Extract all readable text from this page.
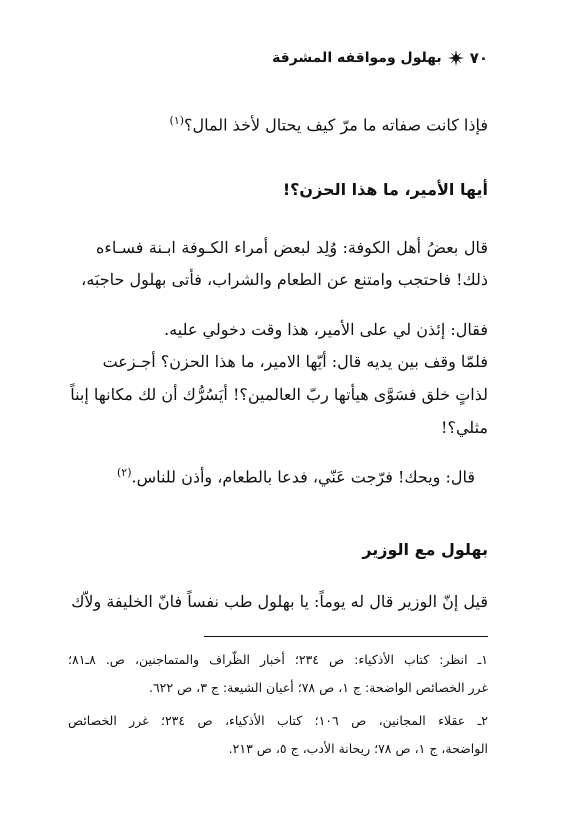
٧٠
بهلول ومواقفه المشرقة
فإذا كانت صفاته ما مرّ كيف يحتال لأخذ المال؟$^{(١)}$
أيها الأمير، ما هذا الحزن؟!
قال بعضُ أهل الكوفة: وُلِد لبعض أمراء الكـوفة ابـنة فسـاءه
ذلك! فاحتجب وامتنع عن الطعام والشراب، فأتى بهلول حاجبَه،
فقال: إئذن لي على الأمير، هذا وقت دخولي عليه.
فلمّا وقف بين يديه قال: أيّها الامير، ما هذا الحزن؟ أجـزعت
لذاتٍ خلق فسَوَّى هيأتها ربّ العالمين؟! أيَسُرُّك أن لك مكانها إبناً
مثلي؟!
قال: ويحك! فرّجت عَنّي، فدعا بالطعام، وأذن للناس.$^{(٢)}$
بهلول مع الوزير
قيل إنّ الوزير قال له يوماً: يا بهلول طب نفساً فانّ الخليفة ولاّك
١ـ انظر: كتاب الأذكياء: ص ٢٣٤؛ أخبار الظّراف والمتماجنين، ص. ٨ـ٨١؛
غرر الخصائص الواضحة: ج ١، ص ٧٨؛ أعيان الشيعة: ج ٣، ص ٦٢٢.
٢ـ عقلاء المجانين، ص ١٠٦؛ كتاب الأذكياء، ص ٢٣٤؛ غرر الخصائص
الواضحة، ج ١، ص ٧٨؛ ريحانة الأدب، ج ٥، ص ٢١٣.
